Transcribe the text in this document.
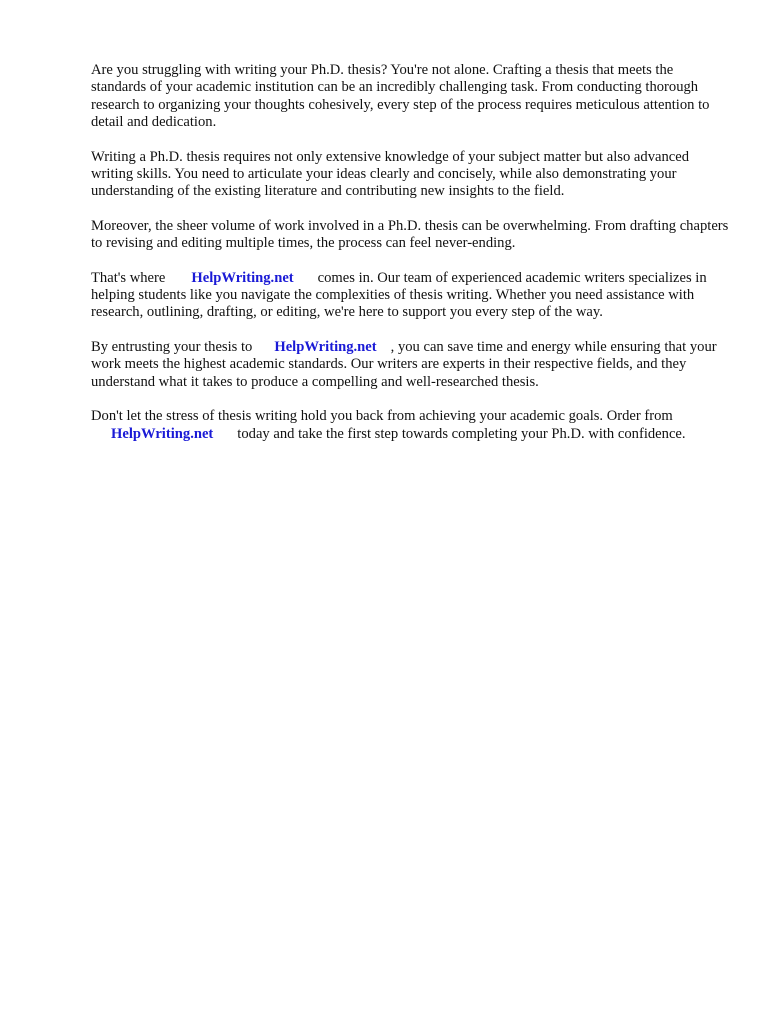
Are you struggling with writing your Ph.D. thesis? You're not alone. Crafting a thesis that meets the standards of your academic institution can be an incredibly challenging task. From conducting thorough research to organizing your thoughts cohesively, every step of the process requires meticulous attention to detail and dedication.

Writing a Ph.D. thesis requires not only extensive knowledge of your subject matter but also advanced writing skills. You need to articulate your ideas clearly and concisely, while also demonstrating your understanding of the existing literature and contributing new insights to the field.

Moreover, the sheer volume of work involved in a Ph.D. thesis can be overwhelming. From drafting chapters to revising and editing multiple times, the process can feel never-ending.

That's where HelpWriting.net comes in. Our team of experienced academic writers specializes in helping students like you navigate the complexities of thesis writing. Whether you need assistance with research, outlining, drafting, or editing, we're here to support you every step of the way.

By entrusting your thesis to HelpWriting.net , you can save time and energy while ensuring that your work meets the highest academic standards. Our writers are experts in their respective fields, and they understand what it takes to produce a compelling and well-researched thesis.

Don't let the stress of thesis writing hold you back from achieving your academic goals. Order from
HelpWriting.net today and take the first step towards completing your Ph.D. with confidence.
